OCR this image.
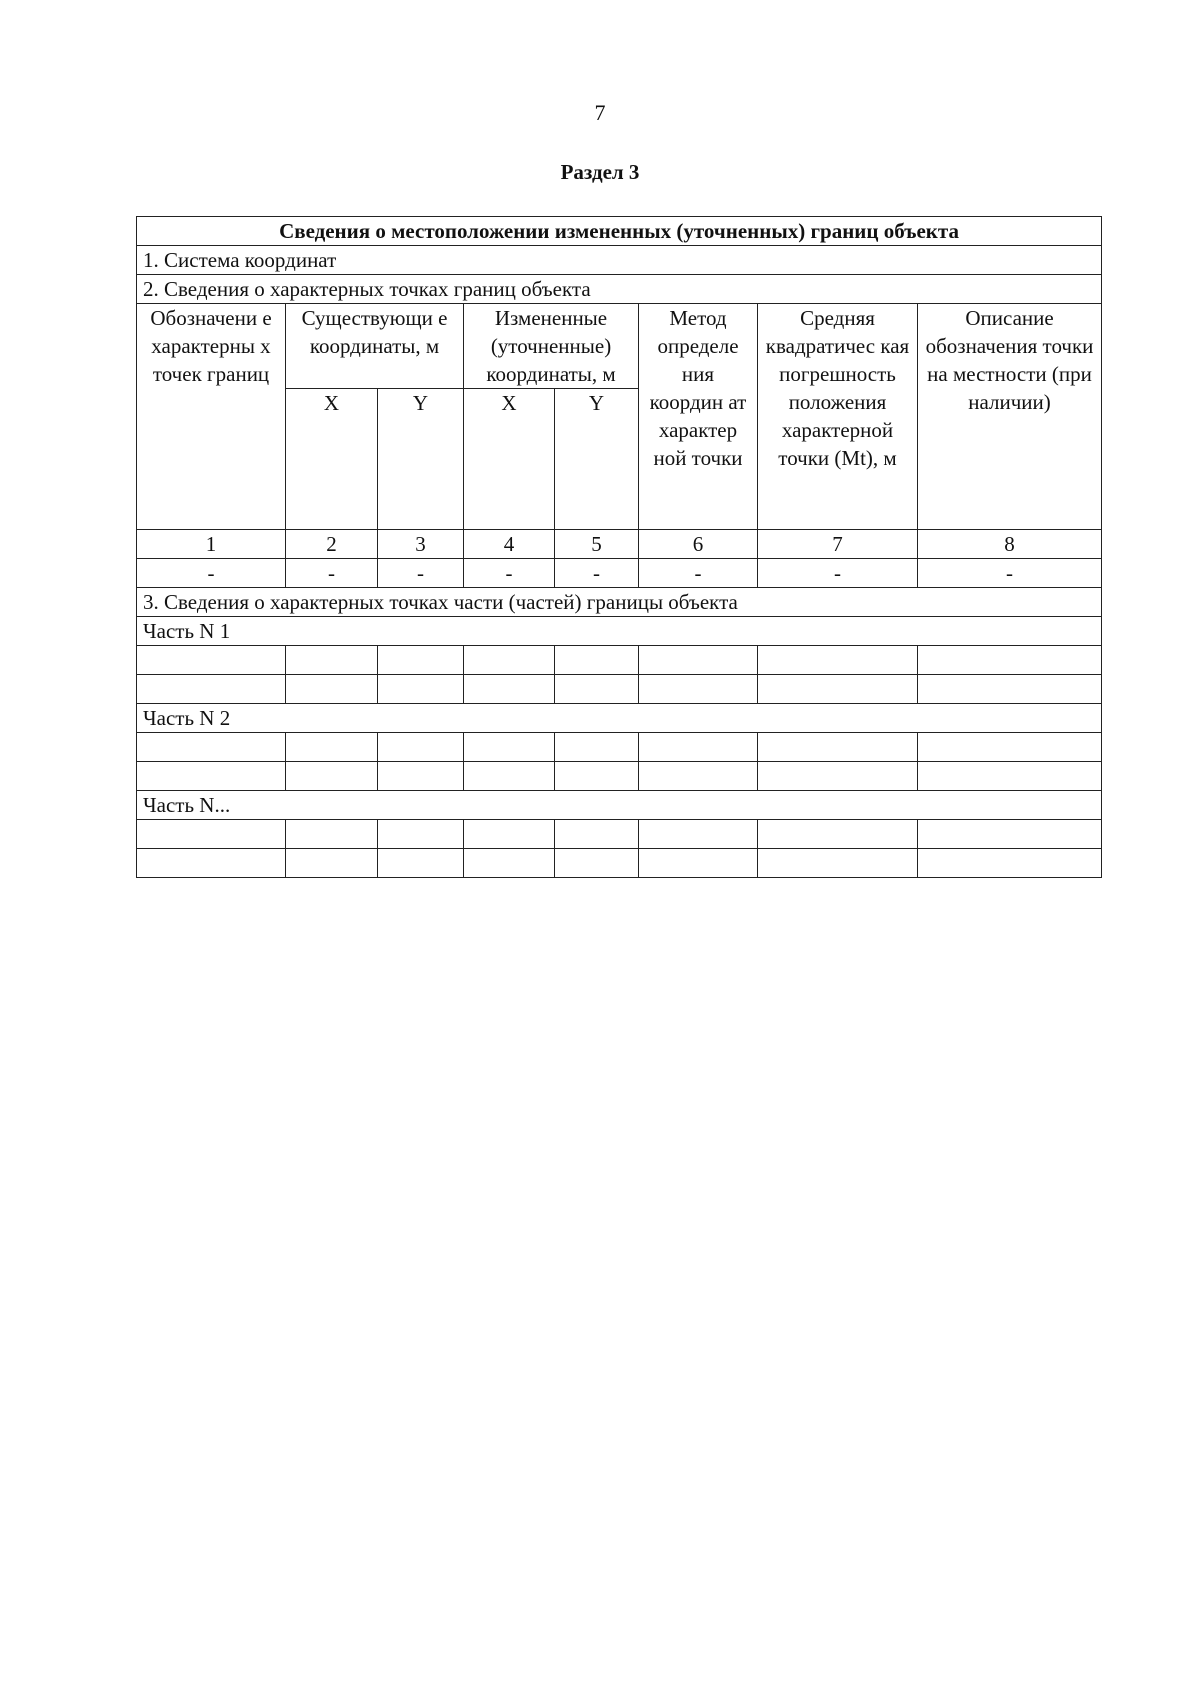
7
Раздел 3
Сведения о местоположении измененных (уточненных) границ объекта							
1. Система координат							
2. Сведения о характерных точках границ объекта							
Обозначени е характерны х точек границ	Существующи е координаты, м		Измененные (уточненные) координаты, м		Метод определе ния координ ат характер ной точки	Средняя квадратичес кая погрешность положения характерной точки (Mt), м	Описание обозначения точки на местности (при наличии)
	X	Y	X	Y			
1	2	3	4	5	6	7	8
-	-	-	-	-	-	-	-
3. Сведения о характерных точках части (частей) границы объекта							
Часть N 1							

Часть N 2							

Часть N...							
